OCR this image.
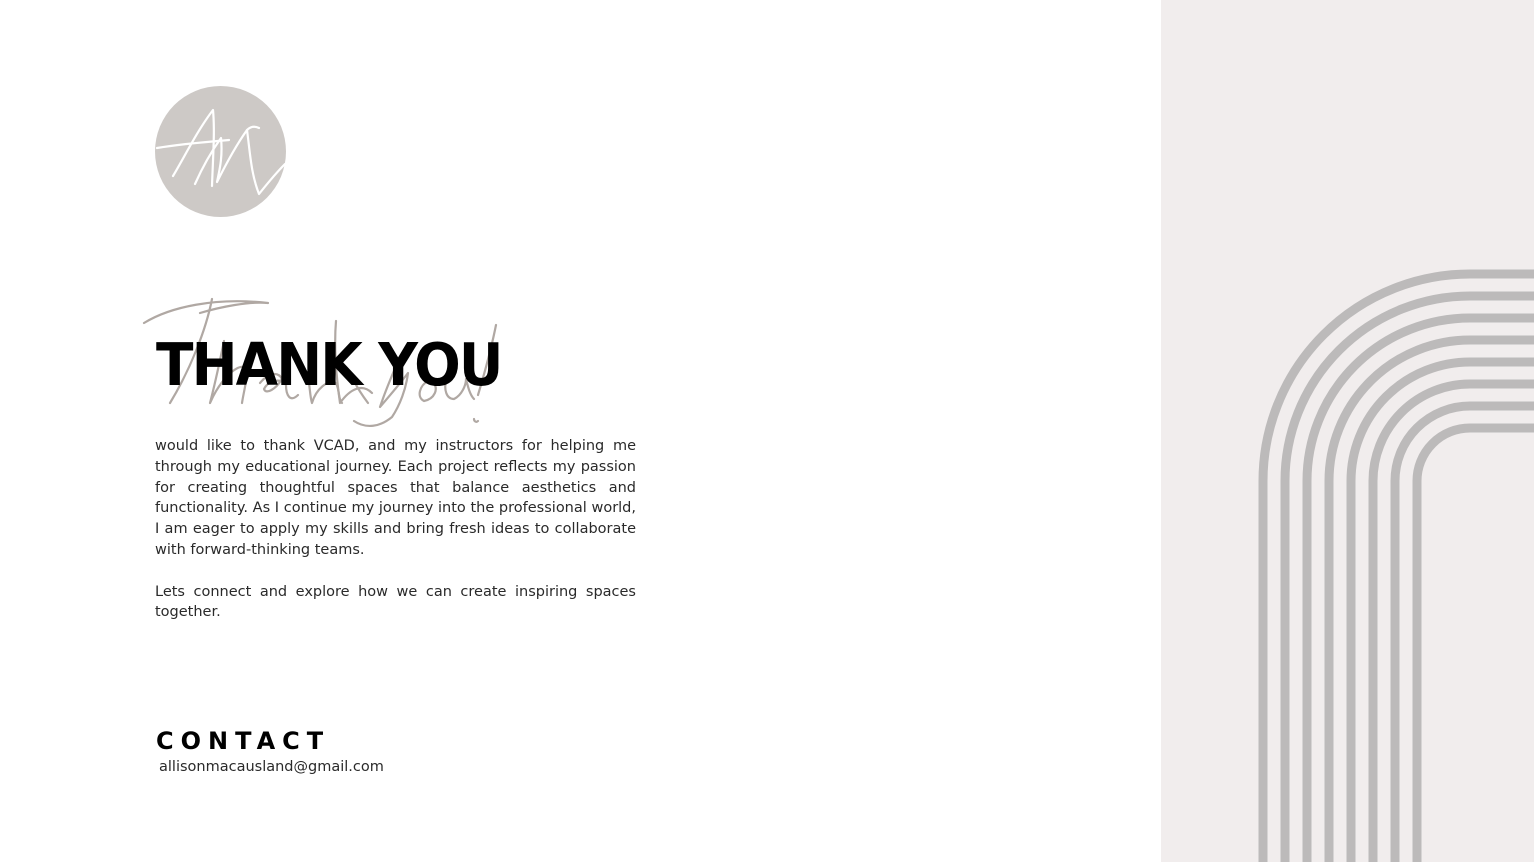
THANK YOU

would like to thank VCAD, and my instructors for helping me through my educational journey. Each project reflects my passion for creating thoughtful spaces that balance aesthetics and functionality. As I continue my journey into the professional world, I am eager to apply my skills and bring fresh ideas to collaborate with forward-thinking teams.

Lets connect and explore how we can create inspiring spaces together.

CONTACT

allisonmacausland@gmail.com
